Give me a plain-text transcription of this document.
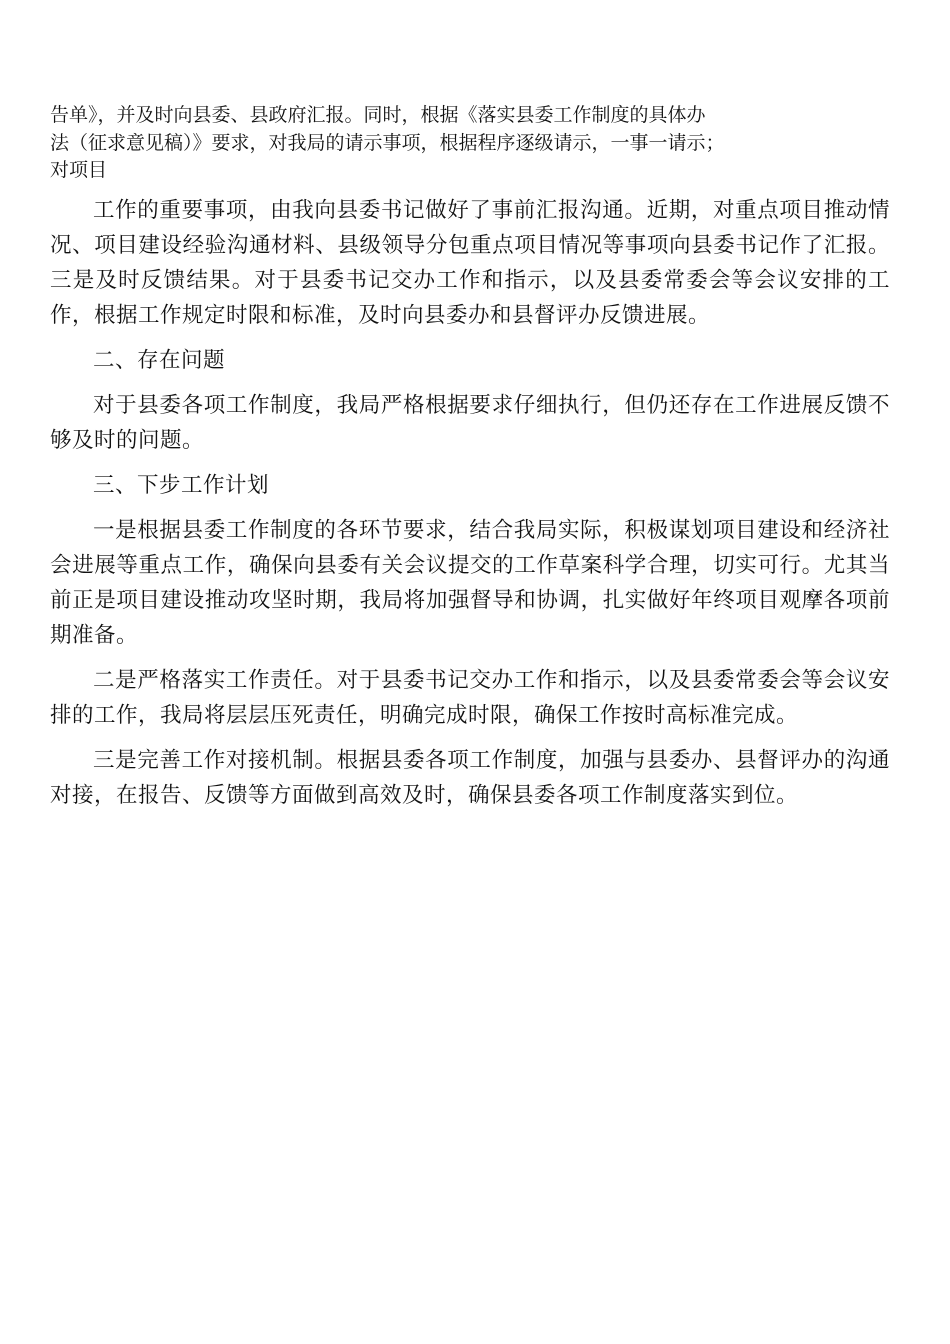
告单》，并及时向县委、县政府汇报。同时，根据《落实县委工作制度的具体办
法（征求意见稿）》要求，对我局的请示事项，根据程序逐级请示，一事一请示；
对项目

工作的重要事项，由我向县委书记做好了事前汇报沟通。近期，对重点项目推动情况、项目建设经验沟通材料、县级领导分包重点项目情况等事项向县委书记作了汇报。三是及时反馈结果。对于县委书记交办工作和指示，以及县委常委会等会议安排的工作，根据工作规定时限和标准，及时向县委办和县督评办反馈进展。

二、存在问题

对于县委各项工作制度，我局严格根据要求仔细执行，但仍还存在工作进展反馈不够及时的问题。

三、下步工作计划

一是根据县委工作制度的各环节要求，结合我局实际，积极谋划项目建设和经济社会进展等重点工作，确保向县委有关会议提交的工作草案科学合理，切实可行。尤其当前正是项目建设推动攻坚时期，我局将加强督导和协调，扎实做好年终项目观摩各项前期准备。

二是严格落实工作责任。对于县委书记交办工作和指示，以及县委常委会等会议安排的工作，我局将层层压死责任，明确完成时限，确保工作按时高标准完成。

三是完善工作对接机制。根据县委各项工作制度，加强与县委办、县督评办的沟通对接，在报告、反馈等方面做到高效及时，确保县委各项工作制度落实到位。
